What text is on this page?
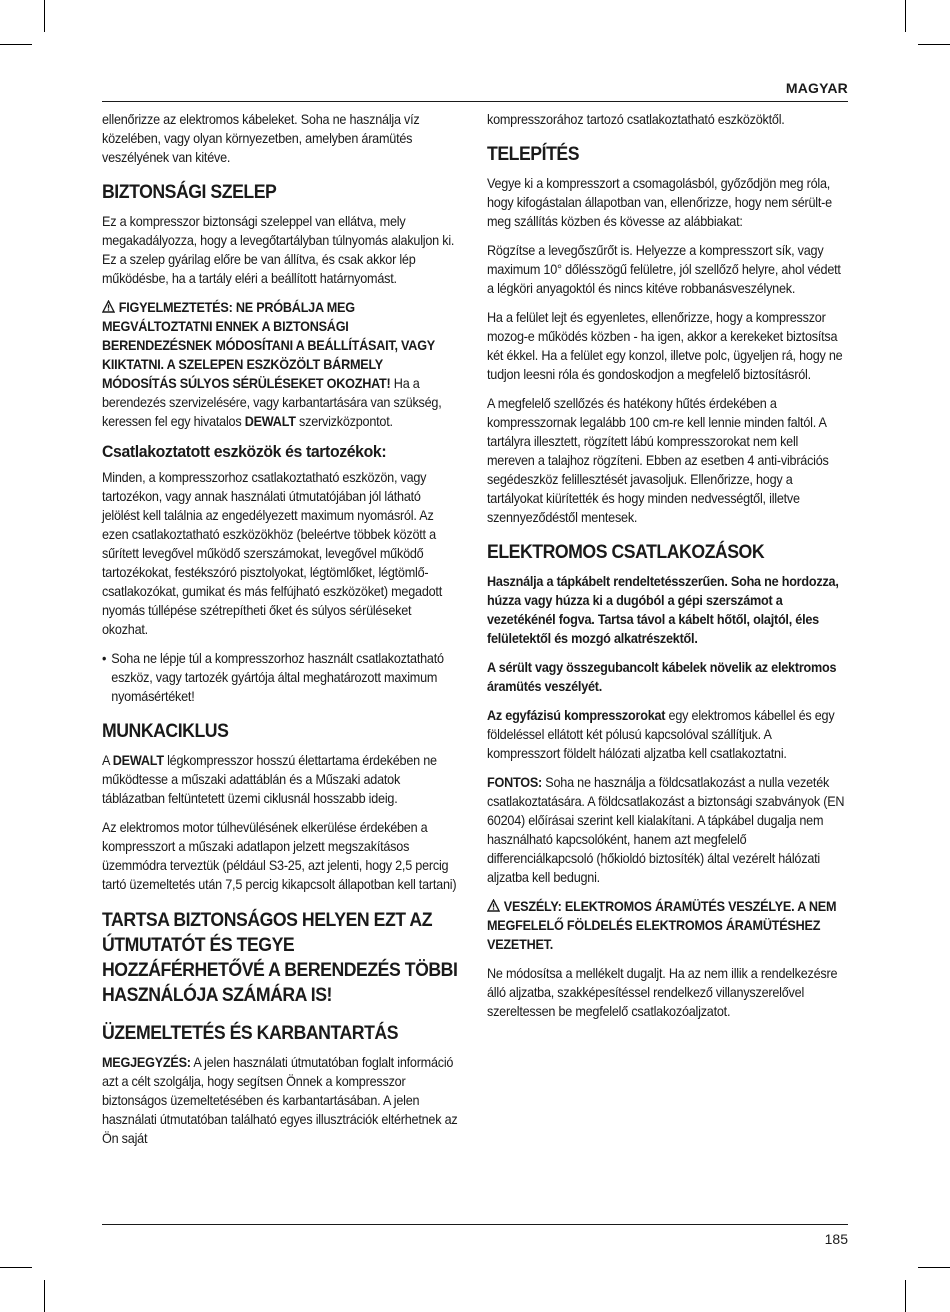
MAGYAR

ellenőrizze az elektromos kábeleket. Soha ne használja víz közelében, vagy olyan környezetben, amelyben áramütés veszélyének van kitéve.

BIZTONSÁGI SZELEP

Ez a kompresszor biztonsági szeleppel van ellátva, mely megakadályozza, hogy a levegőtartályban túlnyomás alakuljon ki. Ez a szelep gyárilag előre be van állítva, és csak akkor lép működésbe, ha a tartály eléri a beállított határnyomást.

FIGYELMEZTETÉS: NE PRÓBÁLJA MEG MEGVÁLTOZTATNI ENNEK A BIZTONSÁGI BERENDEZÉSNEK MÓDOSÍTANI A BEÁLLÍTÁSAIT, VAGY KIIKTATNI. A SZELEPEN ESZKÖZÖLT BÁRMELY MÓDOSÍTÁS SÚLYOS SÉRÜLÉSEKET OKOZHAT! Ha a berendezés szervizelésére, vagy karbantartására van szükség, keressen fel egy hivatalos DEWALT szervizközpontot.

Csatlakoztatott eszközök és tartozékok:

Minden, a kompresszorhoz csatlakoztatható eszközön, vagy tartozékon, vagy annak használati útmutatójában jól látható jelölést kell találnia az engedélyezett maximum nyomásról. Az ezen csatlakoztatható eszközökhöz (beleértve többek között a sűrített levegővel működő szerszámokat, levegővel működő tartozékokat, festékszóró pisztolyokat, légtömlőket, légtömlő-csatlakozókat, gumikat és más felfújható eszközöket) megadott nyomás túllépése szétrepítheti őket és súlyos sérüléseket okozhat.

• Soha ne lépje túl a kompresszorhoz használt csatlakoztatható eszköz, vagy tartozék gyártója által meghatározott maximum nyomásértéket!
MUNKACIKLUS

A DEWALT légkompresszor hosszú élettartama érdekében ne működtesse a műszaki adattáblán és a Műszaki adatok táblázatban feltüntetett üzemi ciklusnál hosszabb ideig.

Az elektromos motor túlhevülésének elkerülése érdekében a kompresszort a műszaki adatlapon jelzett megszakításos üzemmódra terveztük (például S3-25, azt jelenti, hogy 2,5 percig tartó üzemeltetés után 7,5 percig kikapcsolt állapotban kell tartani)

TARTSA BIZTONSÁGOS HELYEN EZT AZ ÚTMUTATÓT ÉS TEGYE HOZZÁFÉRHETŐVÉ A BERENDEZÉS TÖBBI HASZNÁLÓJA SZÁMÁRA IS!
ÜZEMELTETÉS ÉS KARBANTARTÁS

MEGJEGYZÉS: A jelen használati útmutatóban foglalt információ azt a célt szolgálja, hogy segítsen Önnek a kompresszor biztonságos üzemeltetésében és karbantartásában. A jelen használati útmutatóban található egyes illusztrációk eltérhetnek az Ön saját

kompresszorához tartozó csatlakoztatható eszközöktől.

TELEPÍTÉS

Vegye ki a kompresszort a csomagolásból, győződjön meg róla, hogy kifogástalan állapotban van, ellenőrizze, hogy nem sérült-e meg szállítás közben és kövesse az alábbiakat:

Rögzítse a levegőszűrőt is. Helyezze a kompresszort sík, vagy maximum 10° dőlésszögű felületre, jól szellőző helyre, ahol védett a légköri anyagoktól és nincs kitéve robbanásveszélynek.

Ha a felület lejt és egyenletes, ellenőrizze, hogy a kompresszor mozog-e működés közben - ha igen, akkor a kerekeket biztosítsa két ékkel. Ha a felület egy konzol, illetve polc, ügyeljen rá, hogy ne tudjon leesni róla és gondoskodjon a megfelelő biztosításról.

A megfelelő szellőzés és hatékony hűtés érdekében a kompresszornak legalább 100 cm-re kell lennie minden faltól. A tartályra illesztett, rögzített lábú kompresszorokat nem kell mereven a talajhoz rögzíteni. Ebben az esetben 4 anti-vibrációs segédeszköz felillesztését javasoljuk. Ellenőrizze, hogy a tartályokat kiürítették és hogy minden nedvességtől, illetve szennyeződéstől mentesek.

ELEKTROMOS CSATLAKOZÁSOK

Használja a tápkábelt rendeltetésszerűen. Soha ne hordozza, húzza vagy húzza ki a dugóból a gépi szerszámot a vezetékénél fogva. Tartsa távol a kábelt hőtől, olajtól, éles felületektől és mozgó alkatrészektől.

A sérült vagy összegubancolt kábelek növelik az elektromos áramütés veszélyét.

Az egyfázisú kompresszorokat egy elektromos kábellel és egy földeléssel ellátott két pólusú kapcsolóval szállítjuk. A kompresszort földelt hálózati aljzatba kell csatlakoztatni.

FONTOS: Soha ne használja a földcsatlakozást a nulla vezeték csatlakoztatására. A földcsatlakozást a biztonsági szabványok (EN 60204) előírásai szerint kell kialakítani. A tápkábel dugalja nem használható kapcsolóként, hanem azt megfelelő differenciálkapcsoló (hőkioldó biztosíték) által vezérelt hálózati aljzatba kell bedugni.

VESZÉLY: ELEKTROMOS ÁRAMÜTÉS VESZÉLYE. A NEM MEGFELELŐ FÖLDELÉS ELEKTROMOS ÁRAMÜTÉSHEZ VEZETHET.

Ne módosítsa a mellékelt dugaljt. Ha az nem illik a rendelkezésre álló aljzatba, szakképesítéssel rendelkező villanyszerelővel szereltessen be megfelelő csatlakozóaljzatot.

185
